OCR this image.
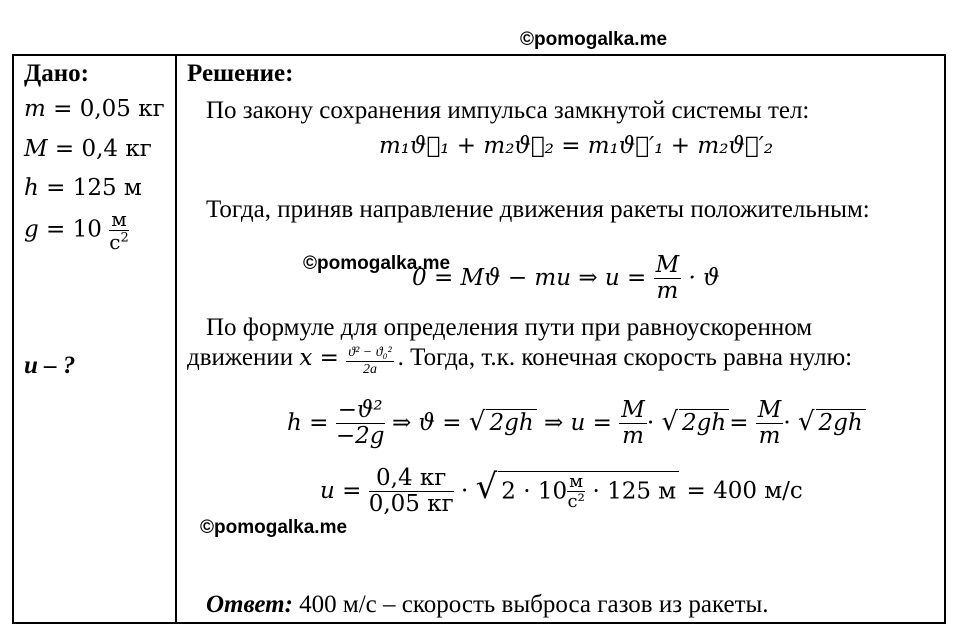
©pomogalka.me
©pomogalka.me
©pomogalka.me
Дано:
m = 0,05 кг
M = 0,4 кг
h = 125 м
$g = 10 \frac{м}{с^2}$
u – ?
Решение:
По закону сохранения импульса замкнутой системы тел:
m₁ϑ⃗₁ + m₂ϑ⃗₂ = m₁ϑ⃗′₁ + m₂ϑ⃗′₂
Тогда, приняв направление движения ракеты положительным:
0 = Mϑ − mu ⇒ $u = \frac{M}{m} \cdot ϑ$
По формуле для определения пути при равноускоренном
движении $x = \frac{\text{ϑ² − ϑ₀²}}{2a}$ . Тогда, т.к. конечная скорость равна нулю:
$h = \frac{\text{−ϑ²}}{-2g}$ ⇒ ϑ = √ 2gh ⇒ $u = \frac{M}{m}$ · √ $2gh = \frac{M}{m}$ · √ 2gh
$u = \frac{0,4 кг}{0,05 кг}$ · √ $2 \cdot 10 \frac{м}{\text{с²}} \cdot 125$ м = 400 м/с
Ответ: 400 м/с – скорость выброса газов из ракеты.
